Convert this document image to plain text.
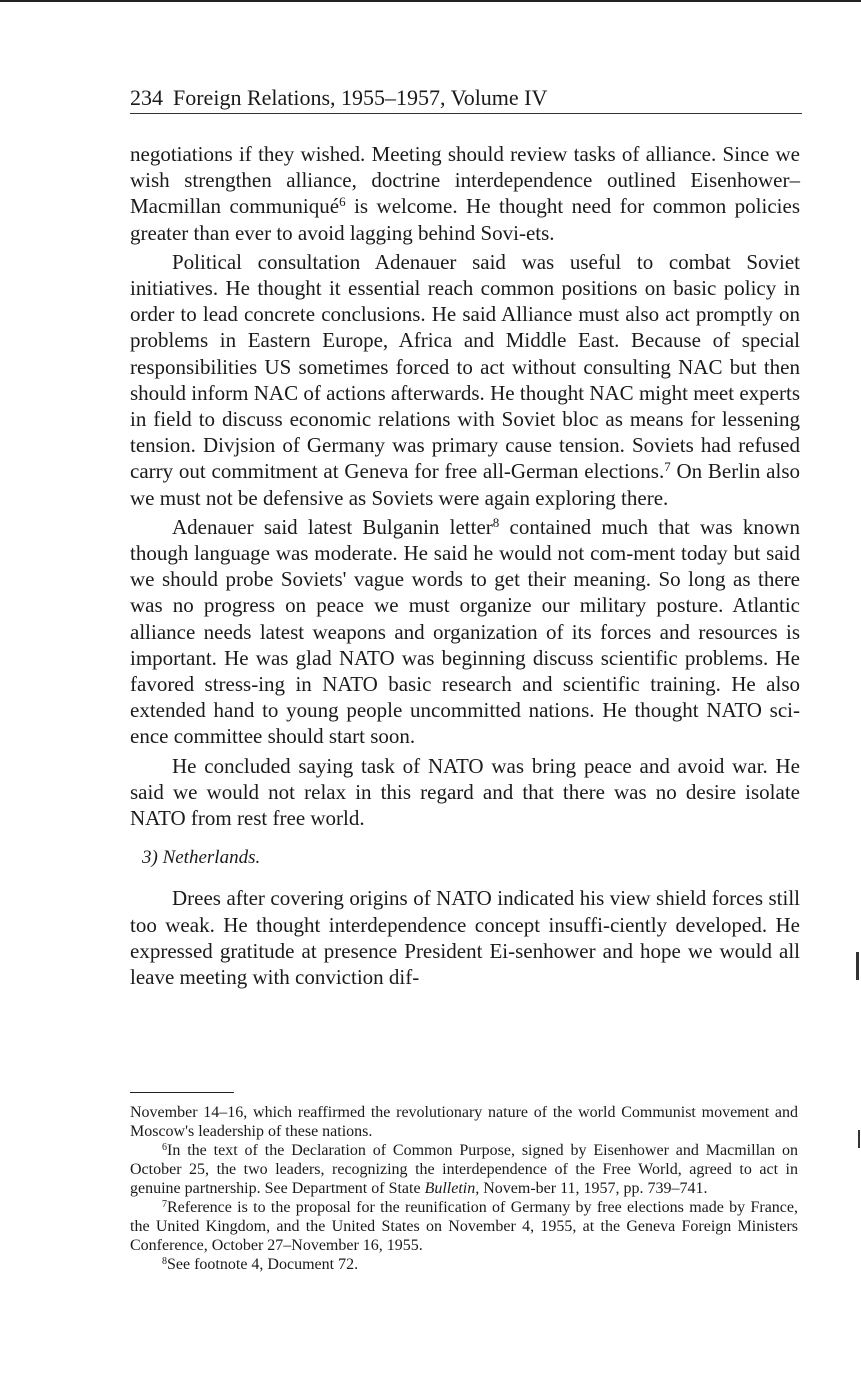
234 Foreign Relations, 1955–1957, Volume IV

negotiations if they wished. Meeting should review tasks of alliance. Since we wish strengthen alliance, doctrine interdependence outlined Eisenhower–Macmillan communiqué$^6$ is welcome. He thought need for common policies greater than ever to avoid lagging behind Sovi-ets.

Political consultation Adenauer said was useful to combat Soviet initiatives. He thought it essential reach common positions on basic policy in order to lead concrete conclusions. He said Alliance must also act promptly on problems in Eastern Europe, Africa and Middle East. Because of special responsibilities US sometimes forced to act without consulting NAC but then should inform NAC of actions afterwards. He thought NAC might meet experts in field to discuss economic relations with Soviet bloc as means for lessening tension. Divjsion of Germany was primary cause tension. Soviets had refused carry out commitment at Geneva for free all-German elections.$^7$ On Berlin also we must not be defensive as Soviets were again exploring there.

Adenauer said latest Bulganin letter$^8$ contained much that was known though language was moderate. He said he would not com-ment today but said we should probe Soviets' vague words to get their meaning. So long as there was no progress on peace we must organize our military posture. Atlantic alliance needs latest weapons and organization of its forces and resources is important. He was glad NATO was beginning discuss scientific problems. He favored stress-ing in NATO basic research and scientific training. He also extended hand to young people uncommitted nations. He thought NATO sci-ence committee should start soon.

He concluded saying task of NATO was bring peace and avoid war. He said we would not relax in this regard and that there was no desire isolate NATO from rest free world.

3) Netherlands.

Drees after covering origins of NATO indicated his view shield forces still too weak. He thought interdependence concept insuffi-ciently developed. He expressed gratitude at presence President Ei-senhower and hope we would all leave meeting with conviction dif-

November 14–16, which reaffirmed the revolutionary nature of the world Communist movement and Moscow's leadership of these nations.

$^6$In the text of the Declaration of Common Purpose, signed by Eisenhower and Macmillan on October 25, the two leaders, recognizing the interdependence of the Free World, agreed to act in genuine partnership. See Department of State Bulletin, Novem-ber 11, 1957, pp. 739–741.

$^7$Reference is to the proposal for the reunification of Germany by free elections made by France, the United Kingdom, and the United States on November 4, 1955, at the Geneva Foreign Ministers Conference, October 27–November 16, 1955.

$^8$See footnote 4, Document 72.
